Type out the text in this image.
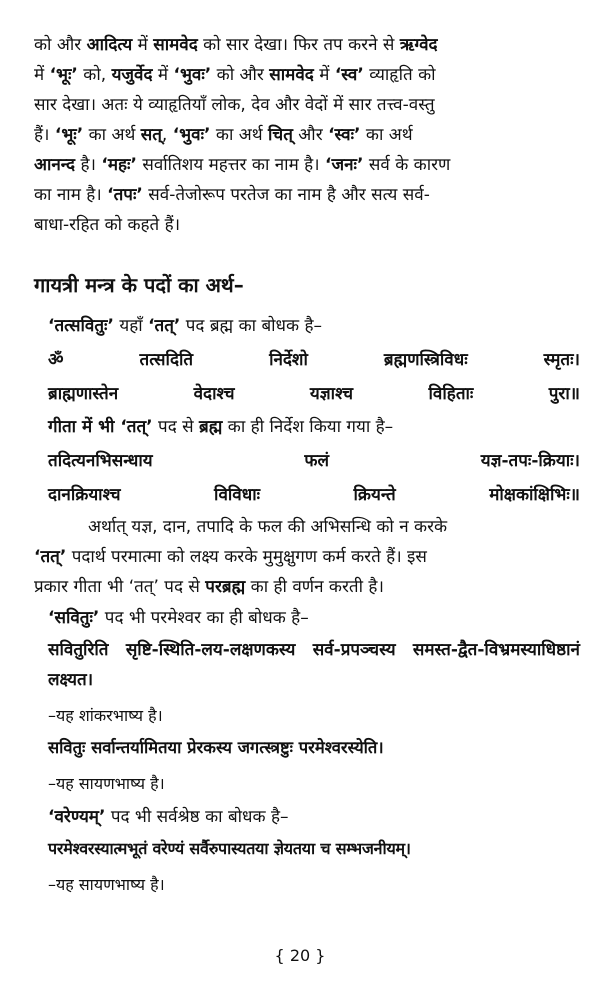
को और आदित्य में सामवेद को सार देखा। फिर तप करने से ऋग्वेद
में ‘भूः’ को, यजुर्वेद में ‘भुवः’ को और सामवेद में ‘स्व’ व्याहृति को
सार देखा। अतः ये व्याहृतियाँ लोक, देव और वेदों में सार तत्त्व-वस्तु
हैं। ‘भूः’ का अर्थ सत्, ‘भुवः’ का अर्थ चित् और ‘स्वः’ का अर्थ
आनन्द है। ‘महः’ सर्वातिशय महत्तर का नाम है। ‘जनः’ सर्व के कारण
का नाम है। ‘तपः’ सर्व-तेजोरूप परतेज का नाम है और सत्य सर्व-
बाधा-रहित को कहते हैं।
गायत्री मन्त्र के पदों का अर्थ–
‘तत्सवितुः’ यहाँ ‘तत्’ पद ब्रह्म का बोधक है–
ॐ	तत्सदिति	निर्देशो	ब्रह्मणस्त्रिविधः	स्मृतः।
ब्राह्मणास्तेन	वेदाश्च	यज्ञाश्च	विहिताः	पुरा॥
गीता में भी ‘तत्’ पद से ब्रह्म का ही निर्देश किया गया है–
तदित्यनभिसन्धाय	फलं	यज्ञ-तपः-क्रियाः।
दानक्रियाश्च	विविधाः	क्रियन्ते	मोक्षकांक्षिभिः॥
अर्थात् यज्ञ, दान, तपादि के फल की अभिसन्धि को न करके
‘तत्’ पदार्थ परमात्मा को लक्ष्य करके मुमुक्षुगण कर्म करते हैं। इस
प्रकार गीता भी ‘तत्’ पद से परब्रह्म का ही वर्णन करती है।
‘सवितुः’ पद भी परमेश्वर का ही बोधक है–
सवितुरिति सृष्टि-स्थिति-लय-लक्षणकस्य सर्व-प्रपञ्चस्य समस्त-द्वैत-विभ्रमस्याधिष्ठानं लक्ष्यत।
–यह शांकरभाष्य है।
सवितुः सर्वान्तर्यामितया प्रेरकस्य जगत्स्त्रष्टुः परमेश्वरस्येति।
–यह सायणभाष्य है।
‘वरेण्यम्’ पद भी सर्वश्रेष्ठ का बोधक है–
परमेश्वरस्यात्मभूतं वरेण्यं सर्वैरुपास्यतया ज्ञेयतया च सम्भजनीयम्।
–यह सायणभाष्य है।
{ 20 }
